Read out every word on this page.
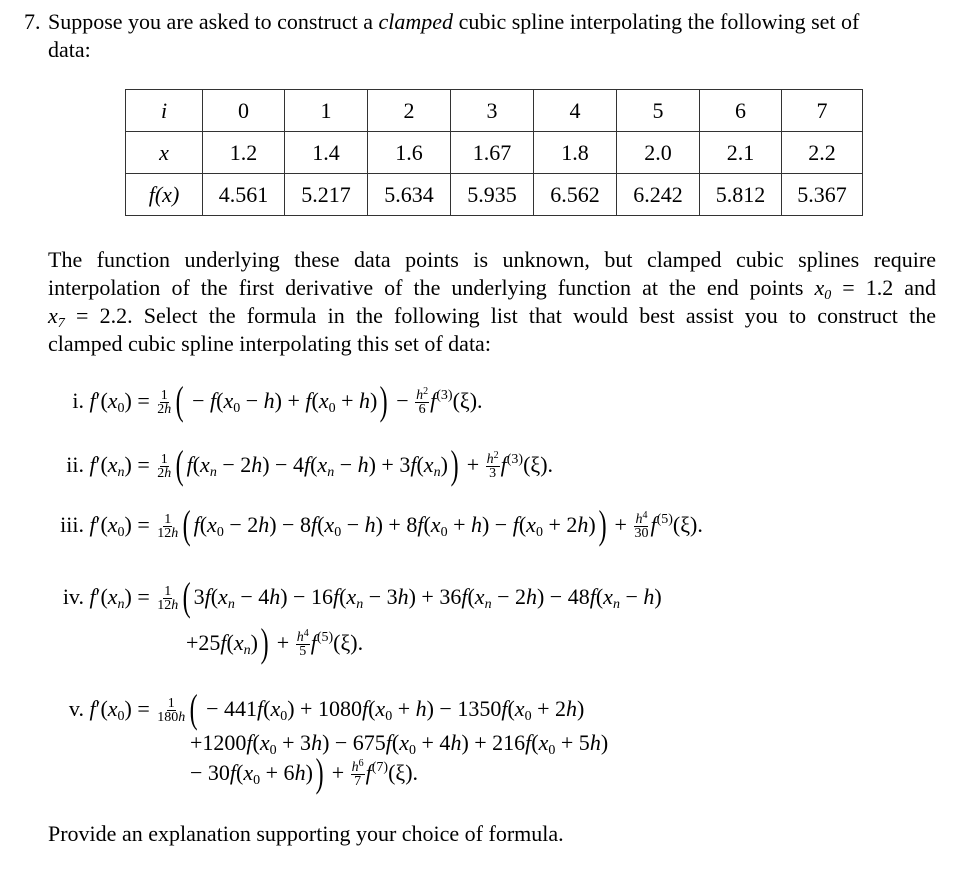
7. Suppose you are asked to construct a clamped cubic spline interpolating the following set of
data:
i	0	1	2	3	4	5	6	7
x	1.2	1.4	1.6	1.67	1.8	2.0	2.1	2.2
f(x)	4.561	5.217	5.634	5.935	6.562	6.242	5.812	5.367
The function underlying these data points is unknown, but clamped cubic splines require
interpolation of the first derivative of the underlying function at the end points $x_0 = 1.2$ and
$x_7 = 2.2$. Select the formula in the following list that would best assist you to construct the
clamped cubic spline interpolating this set of data:
i. $f'(x_0) = \frac{1}{2h}$ ( − $f(x_0 - h) + f(x_0 + h)) - \frac{h^2}{6} f^{(3)}(\xi)$.
ii. $f'(x_n) = \frac{1}{2h}$ ( $f(x_n - 2h) - 4f(x_n - h) + 3f(x_n)) + \frac{h^2}{3} f^{(3)}(\xi)$.
iii. $f'(x_0) = \frac{1}{12h}$ ( $f(x_0 - 2h) - 8f(x_0 - h) + 8f(x_0 + h) - f(x_0 + 2h)) + \frac{h^4}{30} f^{(5)}(\xi)$.
iv. $f'(x_n) = \frac{1}{12h}$ ( $3f(x_n - 4h) - 16f(x_n - 3h) + 36f(x_n - 2h) - 48f(x_n - h)$
$+25f(x_n)) + \frac{h^4}{5} f^{(5)}(\xi)$.
v. $f'(x_0) = \frac{1}{180h}$ ( − $441f(x_0) + 1080f(x_0 + h) - 1350f(x_0 + 2h)$
$+1200f(x_0 + 3h) - 675f(x_0 + 4h) + 216f(x_0 + 5h)$
− $30f(x_0 + 6h)) + \frac{h^6}{7} f^{(7)}(\xi)$.
Provide an explanation supporting your choice of formula.
